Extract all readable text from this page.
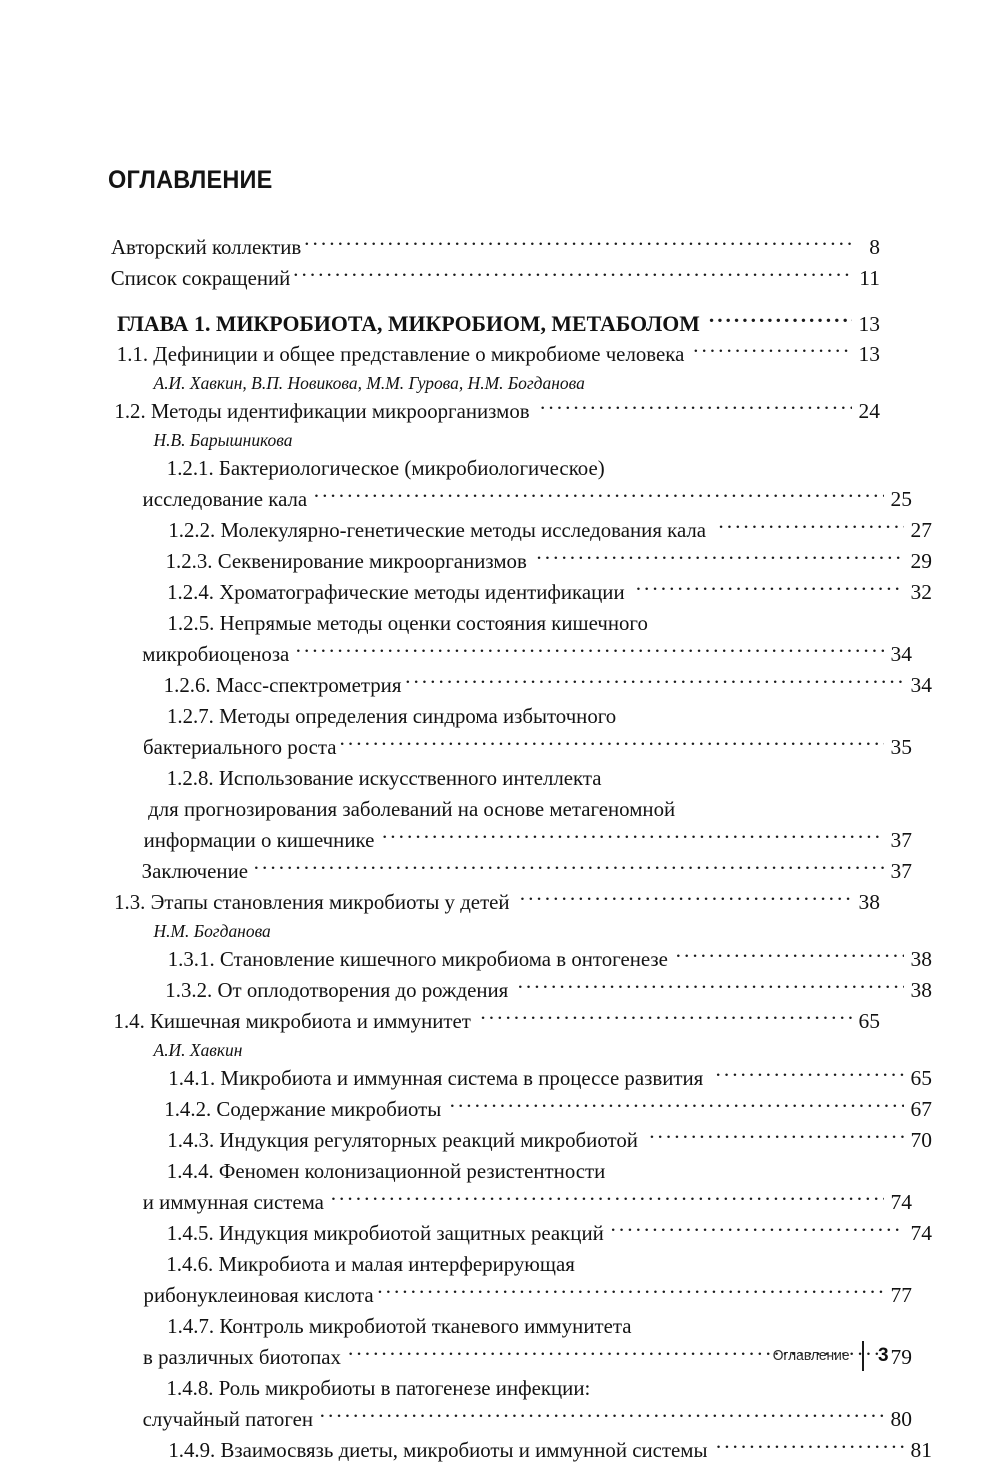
ОГЛАВЛЕНИЕ
Авторский коллектив . . .	8
Список сокращений . . .	11
ГЛАВА 1. МИКРОБИОТА, МИКРОБИОМ, МЕТАБОЛОМ . . .	13
1.1. Дефиниции и общее представление о микробиоме человека . . .	13
А.И. Хавкин, В.П. Новикова, М.М. Гурова, Н.М. Богданова
1.2. Методы идентификации микроорганизмов . . .	24
Н.В. Барышникова
1.2.1. Бактериологическое (микробиологическое)
исследование кала . . .	25
1.2.2. Молекулярно-генетические методы исследования кала . . .	27
1.2.3. Секвенирование микроорганизмов . . .	29
1.2.4. Хроматографические методы идентификации . . .	32
1.2.5. Непрямые методы оценки состояния кишечного
микробиоценоза . . .	34
1.2.6. Масс-спектрометрия . . .	34
1.2.7. Методы определения синдрома избыточного
бактериального роста . . .	35
1.2.8. Использование искусственного интеллекта
для прогнозирования заболеваний на основе метагеномной
информации о кишечнике . . .	37
Заключение . . .	37
1.3. Этапы становления микробиоты у детей . . .	38
Н.М. Богданова
1.3.1. Становление кишечного микробиома в онтогенезе . . .	38
1.3.2. От оплодотворения до рождения . . .	38
1.4. Кишечная микробиота и иммунитет . . .	65
А.И. Хавкин
1.4.1. Микробиота и иммунная система в процессе развития . . .	65
1.4.2. Содержание микробиоты . . .	67
1.4.3. Индукция регуляторных реакций микробиотой . . .	70
1.4.4. Феномен колонизационной резистентности
и иммунная система . . .	74
1.4.5. Индукция микробиотой защитных реакций . . .	74
1.4.6. Микробиота и малая интерферирующая
рибонуклеиновая кислота . . .	77
1.4.7. Контроль микробиотой тканевого иммунитета
в различных биотопах . . .	79
1.4.8. Роль микробиоты в патогенезе инфекции:
случайный патоген . . .	80
1.4.9. Взаимосвязь диеты, микробиоты и иммунной системы . . .	81
Оглавление	3
